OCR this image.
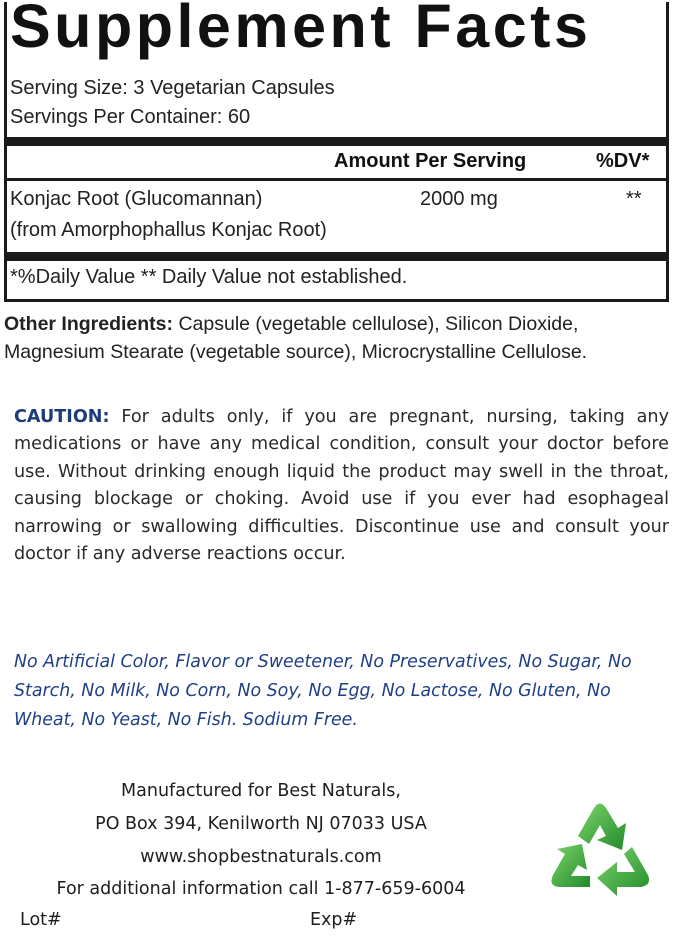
Supplement Facts
Serving Size: 3 Vegetarian Capsules
Servings Per Container: 60
Amount Per Serving	%DV*
Konjac Root (Glucomannan)
(from Amorphophallus Konjac Root)
2000 mg	**
*%Daily Value ** Daily Value not established.
Other Ingredients: Capsule (vegetable cellulose), Silicon Dioxide,
Magnesium Stearate (vegetable source), Microcrystalline Cellulose.
CAUTION: For adults only, if you are pregnant, nursing, taking any medications or have any medical condition, consult your doctor before use. Without drinking enough liquid the product may swell in the throat, causing blockage or choking. Avoid use if you ever had esophageal narrowing or swallowing difficulties. Discontinue use and consult your doctor if any adverse reactions occur.
No Artificial Color, Flavor or Sweetener, No Preservatives, No Sugar, No Starch, No Milk, No Corn, No Soy, No Egg, No Lactose, No Gluten, No Wheat, No Yeast, No Fish. Sodium Free.
Manufactured for Best Naturals,
PO Box 394, Kenilworth NJ 07033 USA
www.shopbestnaturals.com
For additional information call 1-877-659-6004
Lot#	Exp#
